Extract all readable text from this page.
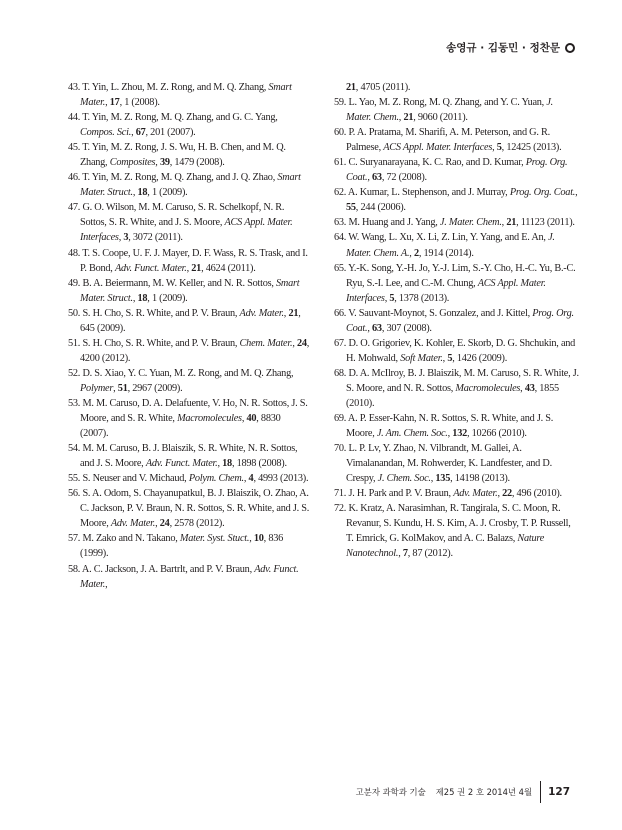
송영규 · 김동민 · 정찬문

43. T. Yin, L. Zhou, M. Z. Rong, and M. Q. Zhang, Smart Mater., 17, 1 (2008).

44. T. Yin, M. Z. Rong, M. Q. Zhang, and G. C. Yang, Compos. Sci., 67, 201 (2007).

45. T. Yin, M. Z. Rong, J. S. Wu, H. B. Chen, and M. Q. Zhang, Composites, 39, 1479 (2008).

46. T. Yin, M. Z. Rong, M. Q. Zhang, and J. Q. Zhao, Smart Mater. Struct., 18, 1 (2009).

47. G. O. Wilson, M. M. Caruso, S. R. Schelkopf, N. R. Sottos, S. R. White, and J. S. Moore, ACS Appl. Mater. Interfaces, 3, 3072 (2011).

48. T. S. Coope, U. F. J. Mayer, D. F. Wass, R. S. Trask, and I. P. Bond, Adv. Funct. Mater., 21, 4624 (2011).

49. B. A. Beiermann, M. W. Keller, and N. R. Sottos, Smart Mater. Struct., 18, 1 (2009).

50. S. H. Cho, S. R. White, and P. V. Braun, Adv. Mater., 21, 645 (2009).

51. S. H. Cho, S. R. White, and P. V. Braun, Chem. Mater., 24, 4200 (2012).

52. D. S. Xiao, Y. C. Yuan, M. Z. Rong, and M. Q. Zhang, Polymer, 51, 2967 (2009).

53. M. M. Caruso, D. A. Delafuente, V. Ho, N. R. Sottos, J. S. Moore, and S. R. White, Macromolecules, 40, 8830 (2007).

54. M. M. Caruso, B. J. Blaiszik, S. R. White, N. R. Sottos, and J. S. Moore, Adv. Funct. Mater., 18, 1898 (2008).

55. S. Neuser and V. Michaud, Polym. Chem., 4, 4993 (2013).

56. S. A. Odom, S. Chayanupatkul, B. J. Blaiszik, O. Zhao, A. C. Jackson, P. V. Braun, N. R. Sottos, S. R. White, and J. S. Moore, Adv. Mater., 24, 2578 (2012).

57. M. Zako and N. Takano, Mater. Syst. Stuct., 10, 836 (1999).

58. A. C. Jackson, J. A. Bartrlt, and P. V. Braun, Adv. Funct. Mater.,

21, 4705 (2011).

59. L. Yao, M. Z. Rong, M. Q. Zhang, and Y. C. Yuan, J. Mater. Chem., 21, 9060 (2011).

60. P. A. Pratama, M. Sharifi, A. M. Peterson, and G. R. Palmese, ACS Appl. Mater. Interfaces, 5, 12425 (2013).

61. C. Suryanarayana, K. C. Rao, and D. Kumar, Prog. Org. Coat., 63, 72 (2008).

62. A. Kumar, L. Stephenson, and J. Murray, Prog. Org. Coat., 55, 244 (2006).

63. M. Huang and J. Yang, J. Mater. Chem., 21, 11123 (2011).

64. W. Wang, L. Xu, X. Li, Z. Lin, Y. Yang, and E. An, J. Mater. Chem. A., 2, 1914 (2014).

65. Y.-K. Song, Y.-H. Jo, Y.-J. Lim, S.-Y. Cho, H.-C. Yu, B.-C. Ryu, S.-I. Lee, and C.-M. Chung, ACS Appl. Mater. Interfaces, 5, 1378 (2013).

66. V. Sauvant-Moynot, S. Gonzalez, and J. Kittel, Prog. Org. Coat., 63, 307 (2008).

67. D. O. Grigoriev, K. Kohler, E. Skorb, D. G. Shchukin, and H. Mohwald, Soft Mater., 5, 1426 (2009).

68. D. A. McIlroy, B. J. Blaiszik, M. M. Caruso, S. R. White, J. S. Moore, and N. R. Sottos, Macromolecules, 43, 1855 (2010).

69. A. P. Esser-Kahn, N. R. Sottos, S. R. White, and J. S. Moore, J. Am. Chem. Soc., 132, 10266 (2010).

70. L. P. Lv, Y. Zhao, N. Vilbrandt, M. Gallei, A. Vimalanandan, M. Rohwerder, K. Landfester, and D. Crespy, J. Chem. Soc., 135, 14198 (2013).

71. J. H. Park and P. V. Braun, Adv. Mater., 22, 496 (2010).

72. K. Kratz, A. Narasimhan, R. Tangirala, S. C. Moon, R. Revanur, S. Kundu, H. S. Kim, A. J. Crosby, T. P. Russell, T. Emrick, G. KolMakov, and A. C. Balazs, Nature Nanotechnol., 7, 87 (2012).

고분자 과학과 기술 제25 권 2 호 2014년 4월 127
